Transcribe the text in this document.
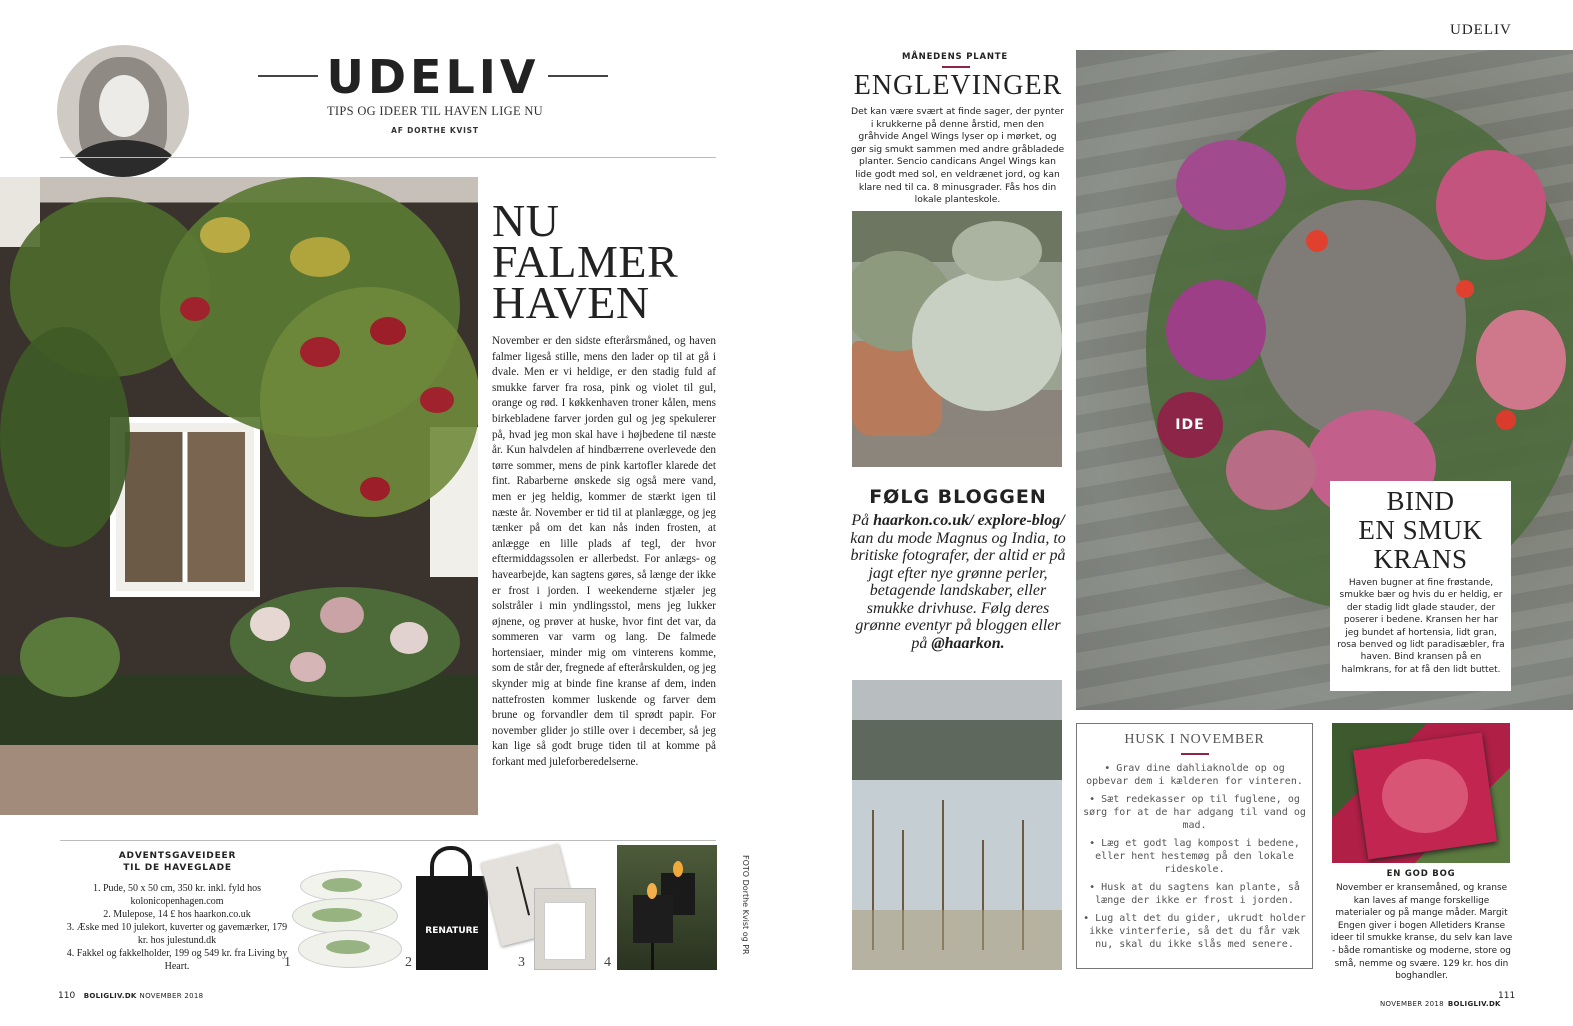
UDELIV
TIPS OG IDEER TIL HAVEN LIGE NU
AF DORTHE KVIST
NU
FALMER
HAVEN
November er den sidste efterårsmåned, og haven falmer ligeså stille, mens den lader op til at gå i dvale. Men er vi heldige, er den stadig fuld af smukke farver fra rosa, pink og violet til gul, orange og rød. I køkkenhaven troner kålen, mens birkebladene farver jorden gul og jeg spekulerer på, hvad jeg mon skal have i højbedene til næste år. Kun halvdelen af hindbærrene overlevede den tørre sommer, mens de pink kartofler klarede det fint. Rabarberne ønskede sig også mere vand, men er jeg heldig, kommer de stærkt igen til næste år. November er tid til at planlægge, og jeg tænker på om det kan nås inden frosten, at anlægge en lille plads af tegl, der hvor eftermiddagssolen er allerbedst. For anlægs- og havearbejde, kan sagtens gøres, så længe der ikke er frost i jorden. I weekenderne stjæler jeg solstråler i min yndlingsstol, mens jeg lukker øjnene, og prøver at huske, hvor fint det var, da sommeren var varm og lang. De falmede hortensiaer, minder mig om vinterens komme, som de står der, fregnede af efterårskulden, og jeg skynder mig at binde fine kranse af dem, inden nattefrosten kommer luskende og farver dem brune og forvandler dem til sprødt papir. For november glider jo stille over i december, så jeg kan lige så godt bruge tiden til at komme på forkant med juleforberedelserne.
ADVENTSGAVEIDEER
TIL DE HAVEGLADE
1. Pude, 50 x 50 cm, 350 kr. inkl. fyld hos kolonicopenhagen.com
2. Mulepose, 14 £ hos haarkon.co.uk
3. Æske med 10 julekort, kuverter og gavemærker, 179 kr. hos julestund.dk
4. Fakkel og fakkelholder, 199 og 549 kr. fra Living by Heart.	1
RENATURE
2	3	4
FOTO Dorthe Kvist og PR
110 BOLIGLIV.DK NOVEMBER 2018
UDELIV
MÅNEDENS PLANTE
ENGLEVINGER
Det kan være svært at finde sager, der pynter i krukkerne på denne årstid, men den gråhvide Angel Wings lyser op i mørket, og gør sig smukt sammen med andre gråbladede planter. Sencio candicans Angel Wings kan lide godt med sol, en veldrænet jord, og kan klare ned til ca. 8 minusgrader. Fås hos din lokale planteskole.
FØLG BLOGGEN
På haarkon.co.uk/ explore-blog/ kan du mode Magnus og India, to britiske fotografer, der altid er på jagt efter nye grønne perler, betagende landskaber, eller smukke drivhuse. Følg deres grønne eventyr på bloggen eller på @haarkon.
IDE
BIND
EN SMUK
KRANS
Haven bugner at fine frøstande, smukke bær og hvis du er heldig, er der stadig lidt glade stauder, der poserer i bedene. Kransen her har jeg bundet af hortensia, lidt gran, rosa benved og lidt paradisæbler, fra haven. Bind kransen på en halmkrans, for at få den lidt buttet.
HUSK I NOVEMBER
• Grav dine dahliaknolde op og opbevar dem i kælderen for vinteren.
• Sæt redekasser op til fuglene, og sørg for at de har adgang til vand og mad.
• Læg et godt lag kompost i bedene, eller hent hestemøg på den lokale rideskole.
• Husk at du sagtens kan plante, så længe der ikke er frost i jorden.
• Lug alt det du gider, ukrudt holder ikke vinterferie, så det du får væk nu, skal du ikke slås med senere.
EN GOD BOG
November er kransemåned, og kranse kan laves af mange forskellige materialer og på mange måder. Margit Engen giver i bogen Alletiders Kranse ideer til smukke kranse, du selv kan lave - både romantiske og moderne, store og små, nemme og svære. 129 kr. hos din boghandler.
NOVEMBER 2018 BOLIGLIV.DK
111
